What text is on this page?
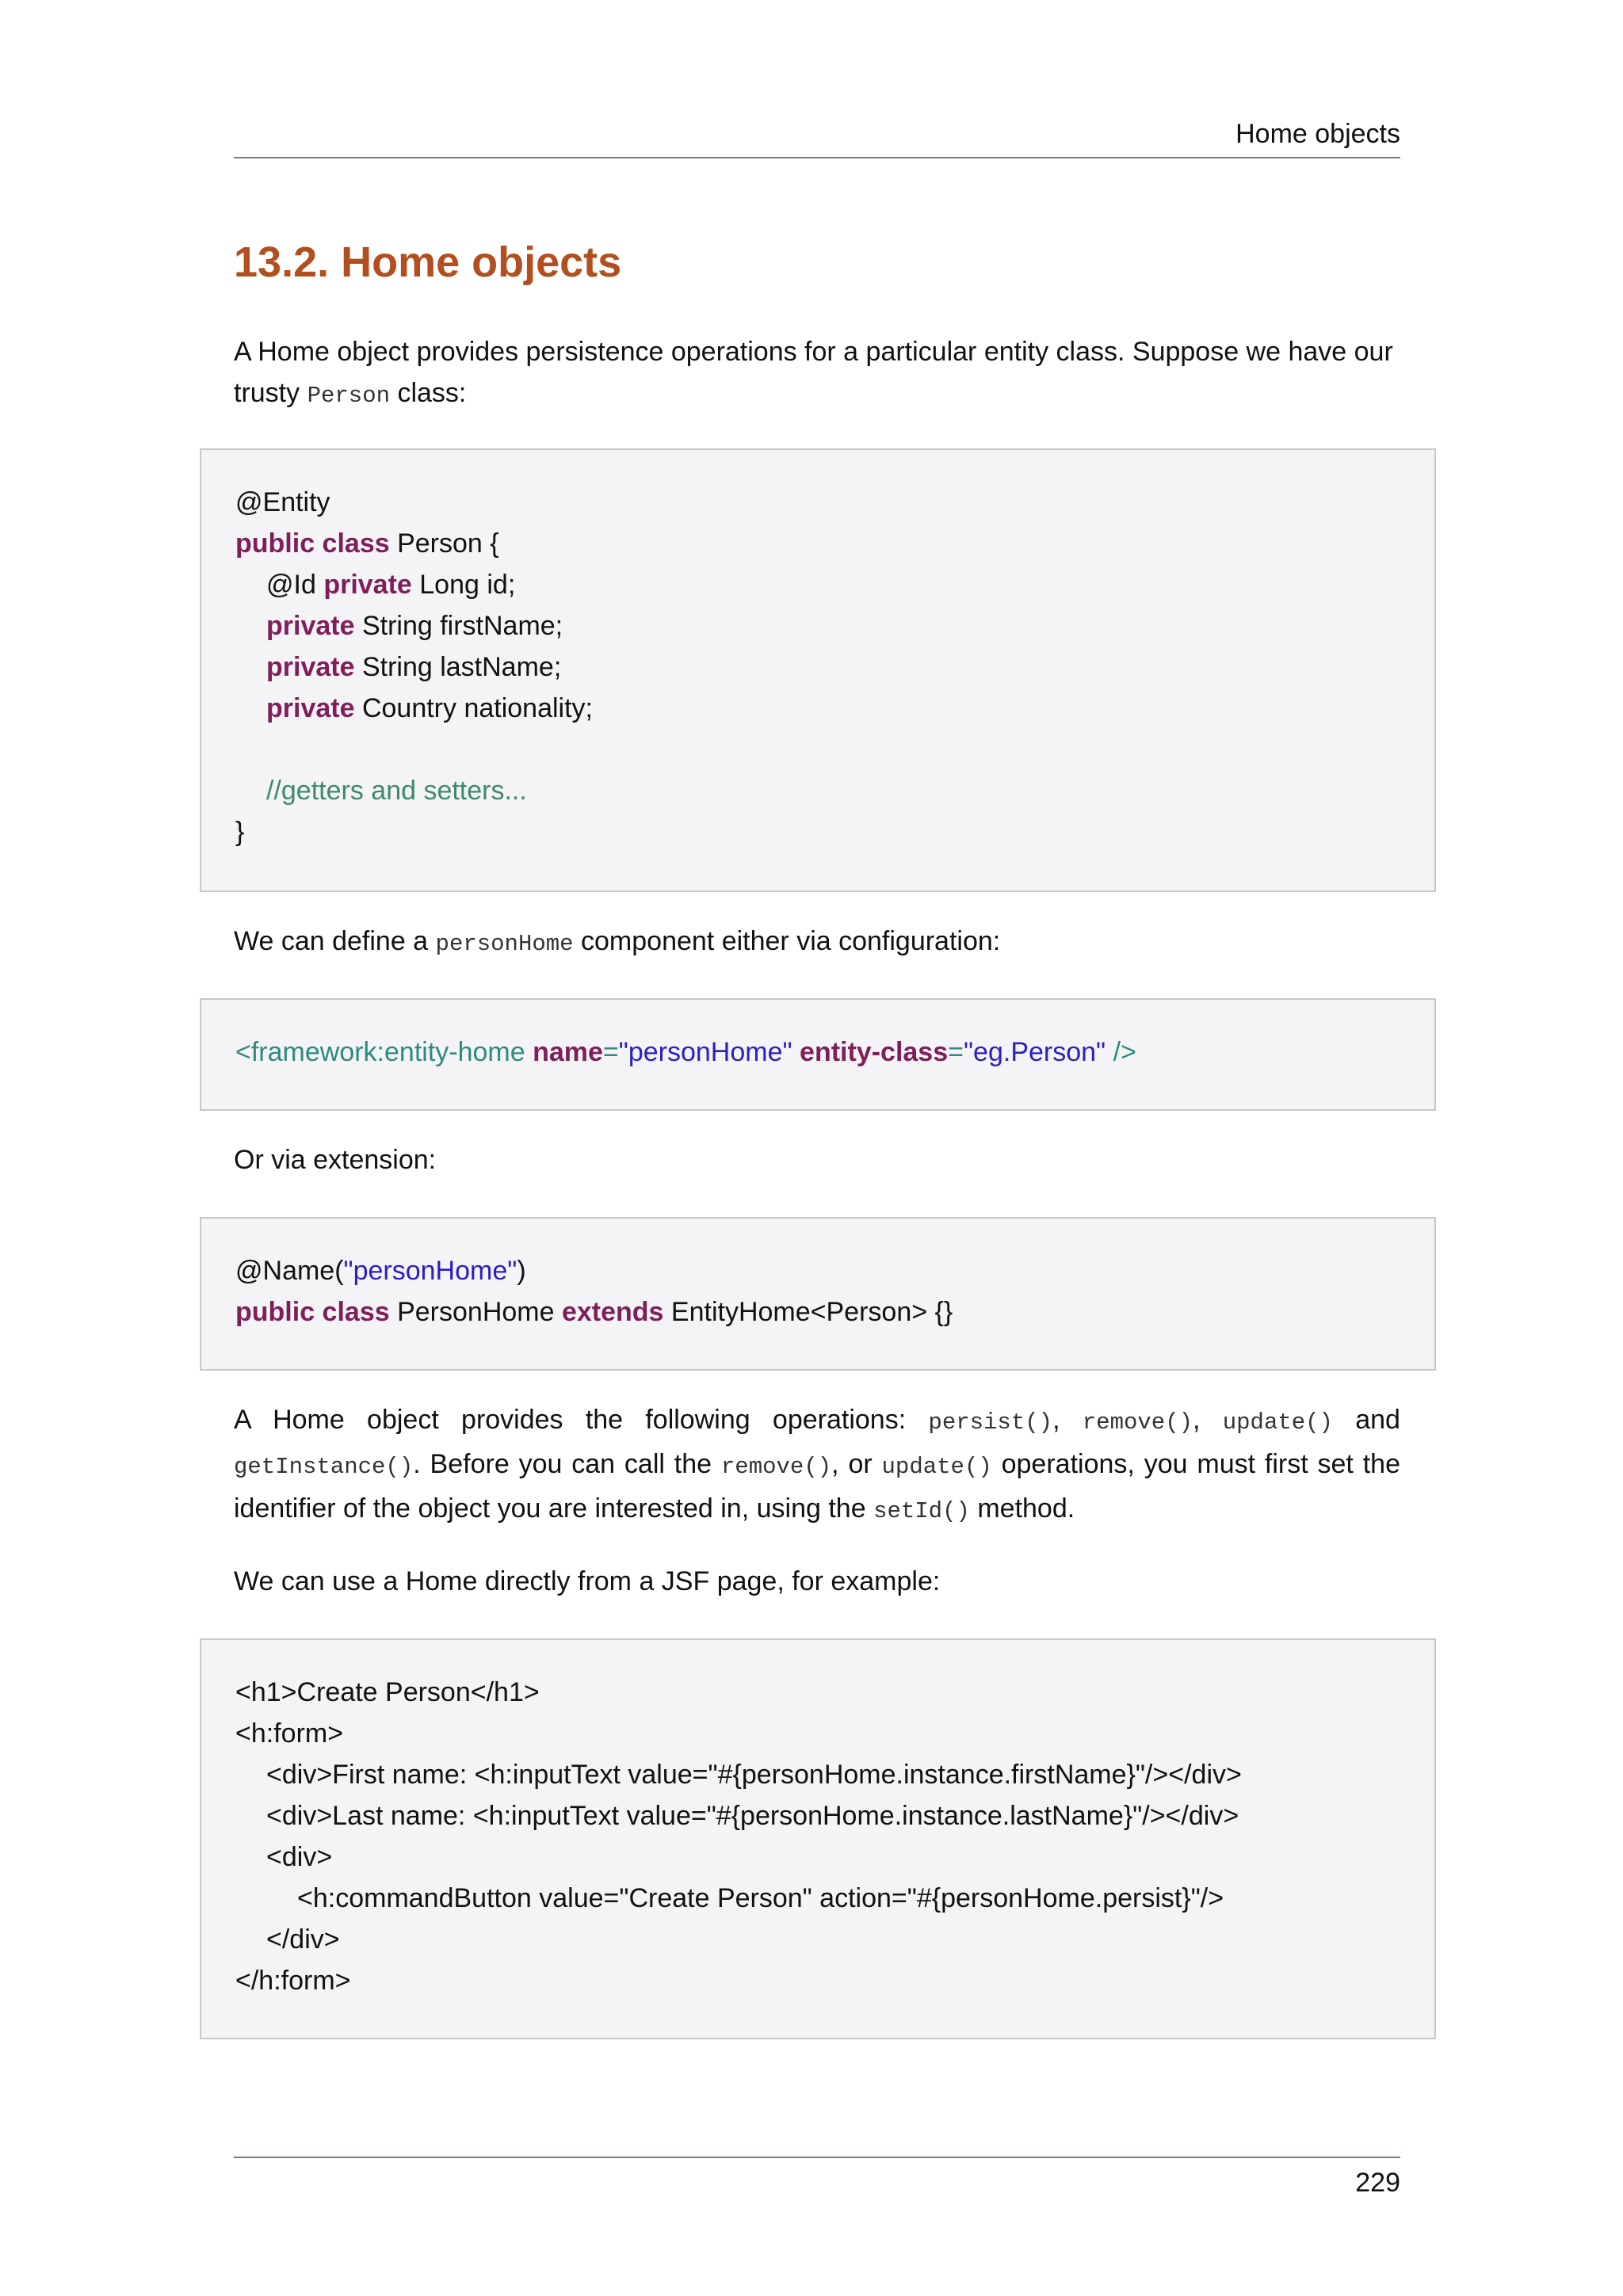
Home objects
13.2. Home objects

A Home object provides persistence operations for a particular entity class. Suppose we have our trusty Person class:

@Entity
public class Person {
@Id private Long id;
private String firstName;
private String lastName;
private Country nationality;
//getters and setters...
}

We can define a personHome component either via configuration:

<framework:entity-home name="personHome" entity-class="eg.Person" />

Or via extension:

@Name("personHome")
public class PersonHome extends EntityHome<Person> {}

A Home object provides the following operations: persist(), remove(), update() and getInstance(). Before you can call the remove(), or update() operations, you must first set the identifier of the object you are interested in, using the setId() method.

We can use a Home directly from a JSF page, for example:

<h1>Create Person</h1>
<h:form>
<div>First name: <h:inputText value="#{personHome.instance.firstName}"/></div>
<div>Last name: <h:inputText value="#{personHome.instance.lastName}"/></div>
<div>
<h:commandButton value="Create Person" action="#{personHome.persist}"/>
</div>
</h:form>
229
